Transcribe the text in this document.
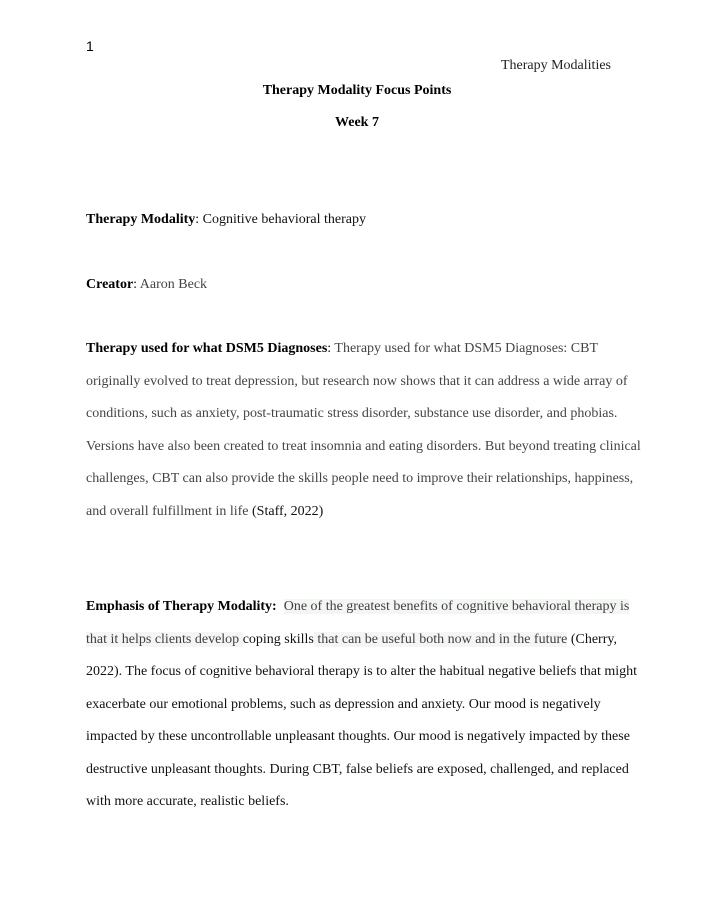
1
Therapy Modalities
Therapy Modality Focus Points
Week 7
Therapy Modality: Cognitive behavioral therapy
Creator: Aaron Beck
Therapy used for what DSM5 Diagnoses: Therapy used for what DSM5 Diagnoses: CBT originally evolved to treat depression, but research now shows that it can address a wide array of conditions, such as anxiety, post-traumatic stress disorder, substance use disorder, and phobias. Versions have also been created to treat insomnia and eating disorders. But beyond treating clinical challenges, CBT can also provide the skills people need to improve their relationships, happiness, and overall fulfillment in life (Staff, 2022)
Emphasis of Therapy Modality: One of the greatest benefits of cognitive behavioral therapy is that it helps clients develop coping skills that can be useful both now and in the future (Cherry, 2022). The focus of cognitive behavioral therapy is to alter the habitual negative beliefs that might exacerbate our emotional problems, such as depression and anxiety. Our mood is negatively impacted by these uncontrollable unpleasant thoughts. Our mood is negatively impacted by these destructive unpleasant thoughts. During CBT, false beliefs are exposed, challenged, and replaced with more accurate, realistic beliefs.
